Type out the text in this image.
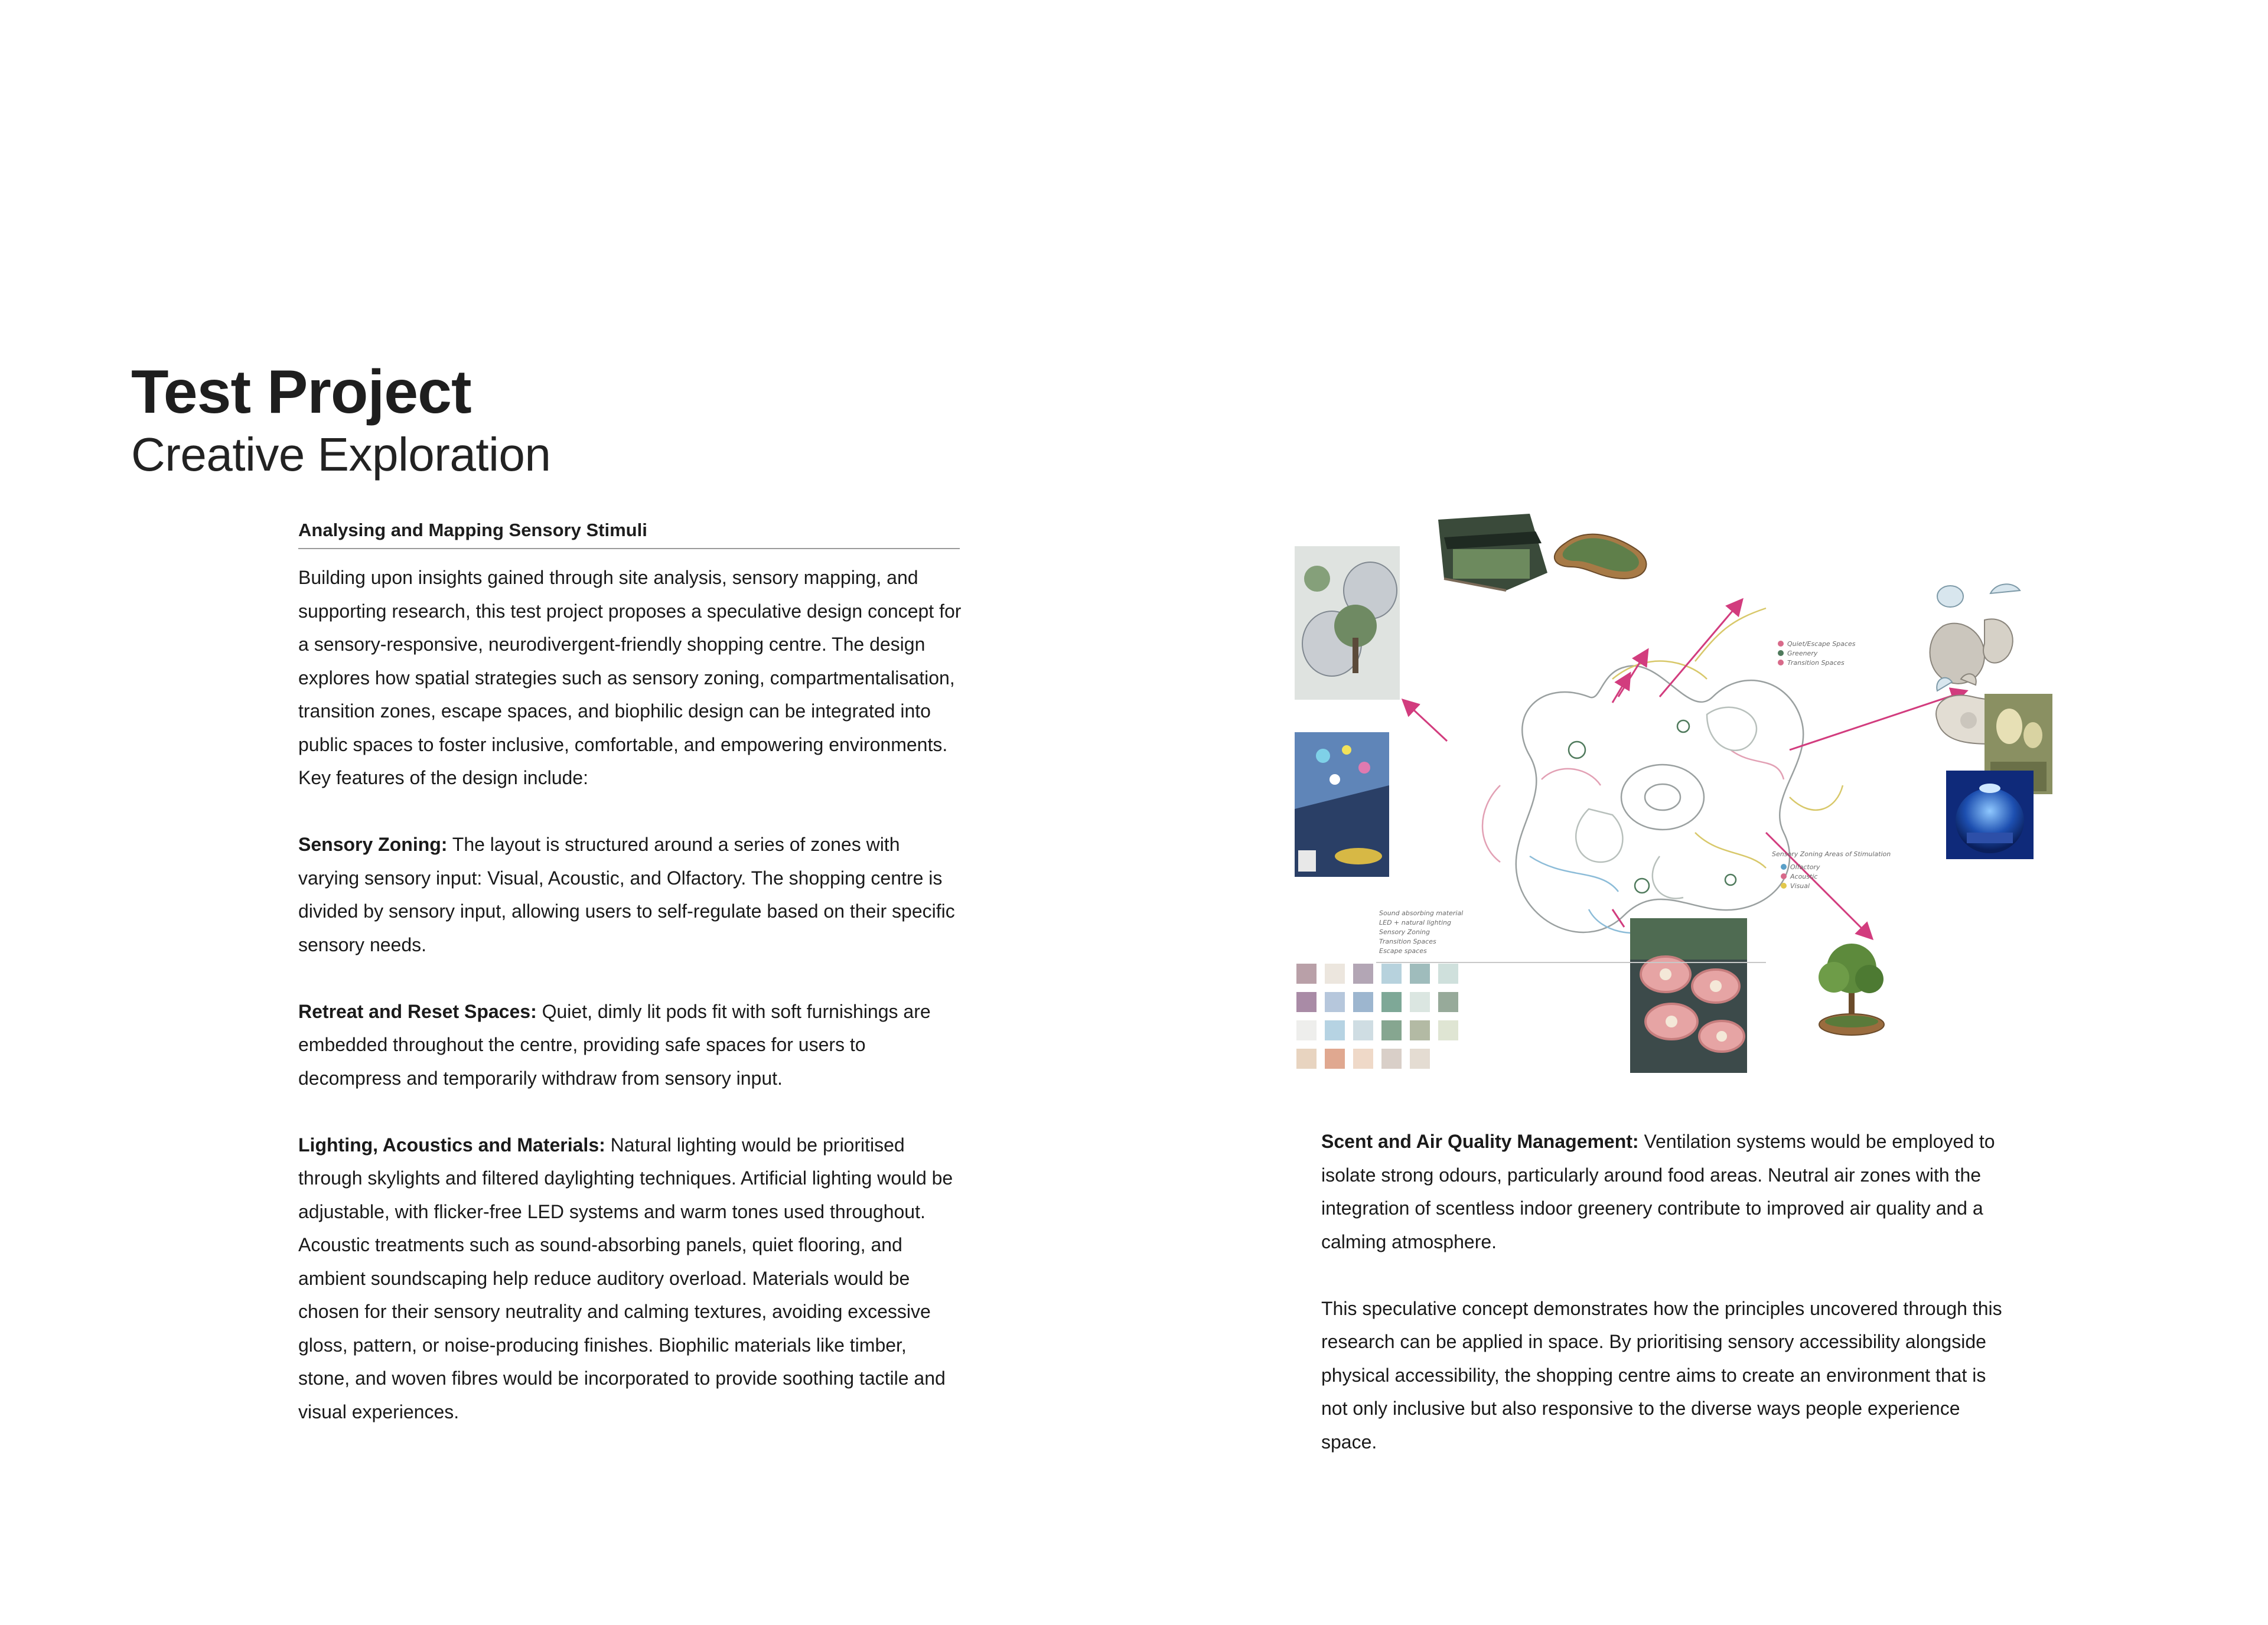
Test Project
Creative Exploration
Analysing and Mapping Sensory Stimuli

Building upon insights gained through site analysis, sensory mapping, and supporting research, this test project proposes a speculative design concept for a sensory-responsive, neurodivergent-friendly shopping centre. The design explores how spatial strategies such as sensory zoning, compartmentalisation, transition zones, escape spaces, and biophilic design can be integrated into public spaces to foster inclusive, comfortable, and empowering environments.

Key features of the design include:

Sensory Zoning: The layout is structured around a series of zones with varying sensory input: Visual, Acoustic, and Olfactory. The shopping centre is divided by sensory input, allowing users to self-regulate based on their specific sensory needs.

Retreat and Reset Spaces: Quiet, dimly lit pods fit with soft furnishings are embedded throughout the centre, providing safe spaces for users to decompress and temporarily withdraw from sensory input.

Lighting, Acoustics and Materials: Natural lighting would be prioritised through skylights and filtered daylighting techniques. Artificial lighting would be adjustable, with flicker-free LED systems and warm tones used throughout. Acoustic treatments such as sound-absorbing panels, quiet flooring, and ambient soundscaping help reduce auditory overload. Materials would be chosen for their sensory neutrality and calming textures, avoiding excessive gloss, pattern, or noise-producing finishes. Biophilic materials like timber, stone, and woven fibres would be incorporated to provide soothing tactile and visual experiences.

Scent and Air Quality Management: Ventilation systems would be employed to isolate strong odours, particularly around food areas. Neutral air zones with the integration of scentless indoor greenery contribute to improved air quality and a calming atmosphere.

This speculative concept demonstrates how the principles uncovered through this research can be applied in space. By prioritising sensory accessibility alongside physical accessibility, the shopping centre aims to create an environment that is not only inclusive but also responsive to the diverse ways people experience space.

Quiet/Escape Spaces
Greenery
Transition Spaces
Sensory Zoning Areas of Stimulation
Olfactory
Acoustic
Visual
Sound absorbing material
LED + natural lighting
Sensory Zoning
Transition Spaces
Escape spaces
